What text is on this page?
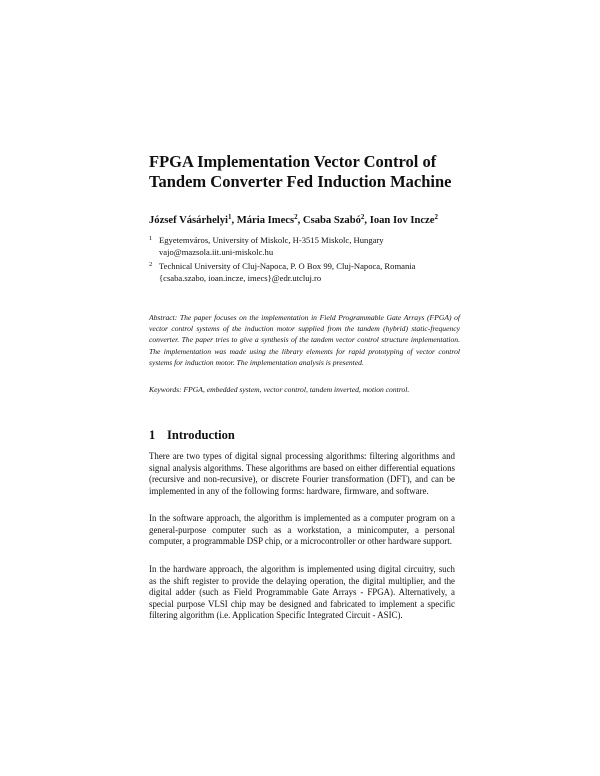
FPGA Implementation Vector Control of
Tandem Converter Fed Induction Machine
József Vásárhelyi$^1$, Mária Imecs$^2$, Csaba Szabó$^2$, Ioan Iov Incze$^2$
1 Egyetemváros, University of Miskolc, H-3515 Miskolc, Hungary
vajo@mazsola.iit.uni-miskolc.hu
2 Technical University of Cluj-Napoca, P. O Box 99, Cluj-Napoca, Romania
{csaba.szabo, ioan.incze, imecs}@edr.utcluj.ro

Abstract: The paper focuses on the implementation in Field Programmable Gate Arrays (FPGA) of vector control systems of the induction motor supplied from the tandem (hybrid) static-frequency converter. The paper tries to give a synthesis of the tandem vector control structure implementation. The implementation was made using the library elements for rapid prototyping of vector control systems for induction motor. The implementation analysis is presented.

Keywords: FPGA, embedded system, vector control, tandem inverted, motion control.

1 Introduction

There are two types of digital signal processing algorithms: filtering algorithms and signal analysis algorithms. These algorithms are based on either differential equations (recursive and non-recursive), or discrete Fourier transformation (DFT), and can be implemented in any of the following forms: hardware, firmware, and software.

In the software approach, the algorithm is implemented as a computer program on a general-purpose computer such as a workstation, a minicomputer, a personal computer, a programmable DSP chip, or a microcontroller or other hardware support.

In the hardware approach, the algorithm is implemented using digital circuitry, such as the shift register to provide the delaying operation, the digital multiplier, and the digital adder (such as Field Programmable Gate Arrays - FPGA). Alternatively, a special purpose VLSI chip may be designed and fabricated to implement a specific filtering algorithm (i.e. Application Specific Integrated Circuit - ASIC).
